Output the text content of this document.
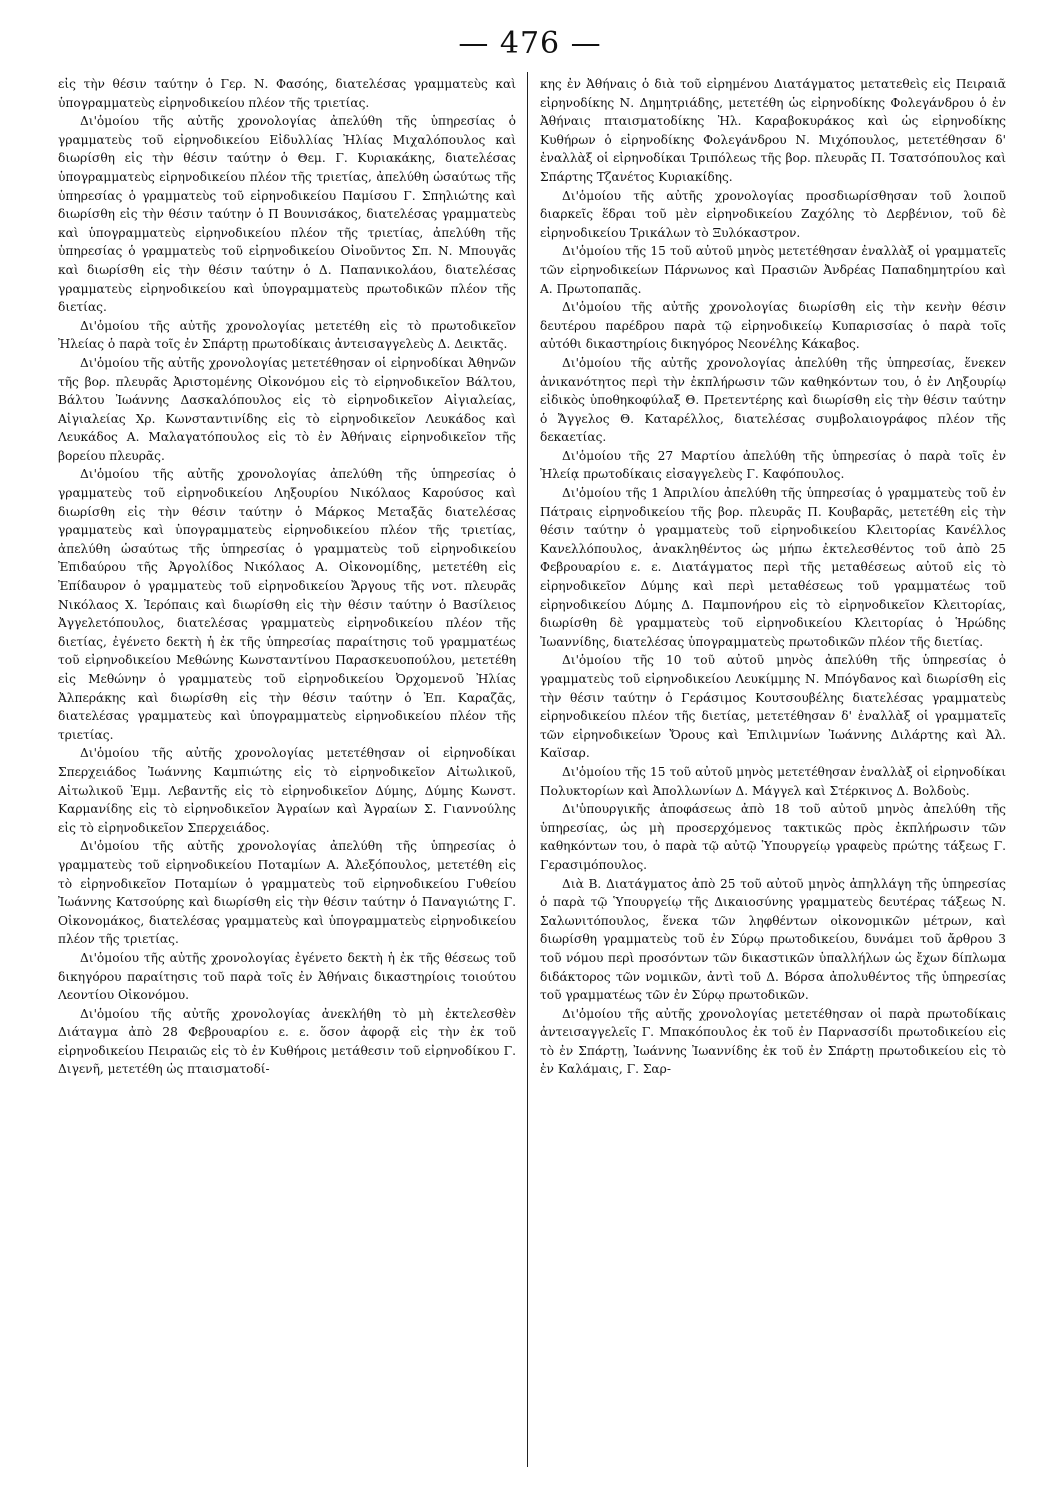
— 476 —

εἰς τὴν θέσιν ταύτην ὁ Γερ. Ν. Φασόης, διατελέσας γραμματεὺς καὶ ὑπογραμματεὺς εἰρηνοδικείου πλέον τῆς τριετίας.

Δι'ὁμοίου τῆς αὐτῆς χρονολογίας ἀπελύθη τῆς ὑπηρεσίας ὁ γραμματεὺς τοῦ εἰρηνοδικείου Εἰδυλλίας Ἠλίας Μιχαλόπουλος καὶ διωρίσθη εἰς τὴν θέσιν ταύτην ὁ Θεμ. Γ. Κυριακάκης, διατελέσας ὑπογραμματεὺς εἰρηνοδικείου πλέον τῆς τριετίας, ἀπελύθη ὡσαύτως τῆς ὑπηρεσίας ὁ γραμματεὺς τοῦ εἰρηνοδικείου Παμίσου Γ. Σπηλιώτης καὶ διωρίσθη εἰς τὴν θέσιν ταύτην ὁ Π Βουνισάκος, διατελέσας γραμματεὺς καὶ ὑπογραμματεὺς εἰρηνοδικείου πλέον τῆς τριετίας, ἀπελύθη τῆς ὑπηρεσίας ὁ γραμματεὺς τοῦ εἰρηνοδικείου Οἰνοῦντος Σπ. Ν. Μπουγᾶς καὶ διωρίσθη εἰς τὴν θέσιν ταύτην ὁ Δ. Παπανικολάου, διατελέσας γραμματεὺς εἰρηνοδικείου καὶ ὑπογραμματεὺς πρωτοδικῶν πλέον τῆς διετίας.

Δι'ὁμοίου τῆς αὐτῆς χρονολογίας μετετέθη εἰς τὸ πρωτοδικεῖον Ἠλείας ὁ παρὰ τοῖς ἐν Σπάρτῃ πρωτοδίκαις ἀντεισαγγελεὺς Δ. Δεικτᾶς.

Δι'ὁμοίου τῆς αὐτῆς χρονολογίας μετετέθησαν οἱ εἰρηνοδίκαι Ἀθηνῶν τῆς βορ. πλευρᾶς Ἀριστομένης Οἰκονόμου εἰς τὸ εἰρηνοδικεῖον Βάλτου, Βάλτου Ἰωάννης Δασκαλόπουλος εἰς τὸ εἰρηνοδικεῖον Αἰγιαλείας, Αἰγιαλείας Χρ. Κωνσταντινίδης εἰς τὸ εἰρηνοδικεῖον Λευκάδος καὶ Λευκάδος Α. Μαλαγατόπουλος εἰς τὸ ἐν Ἀθήναις εἰρηνοδικεῖον τῆς βορείου πλευρᾶς.

Δι'ὁμοίου τῆς αὐτῆς χρονολογίας ἀπελύθη τῆς ὑπηρεσίας ὁ γραμματεὺς τοῦ εἰρηνοδικείου Ληξουρίου Νικόλαος Καρούσος καὶ διωρίσθη εἰς τὴν θέσιν ταύτην ὁ Μάρκος Μεταξᾶς διατελέσας γραμματεὺς καὶ ὑπογραμματεὺς εἰρηνοδικείου πλέον τῆς τριετίας, ἀπελύθη ὡσαύτως τῆς ὑπηρεσίας ὁ γραμματεὺς τοῦ εἰρηνοδικείου Ἐπιδαύρου τῆς Ἀργολίδος Νικόλαος Α. Οἰκονομίδης, μετετέθη εἰς Ἐπίδαυρον ὁ γραμματεὺς τοῦ εἰρηνοδικείου Ἄργους τῆς νοτ. πλευρᾶς Νικόλαος Χ. Ἰερόπαις καὶ διωρίσθη εἰς τὴν θέσιν ταύτην ὁ Βασίλειος Ἀγγελετόπουλος, διατελέσας γραμματεὺς εἰρηνοδικείου πλέον τῆς διετίας, ἐγένετο δεκτὴ ἡ ἐκ τῆς ὑπηρεσίας παραίτησις τοῦ γραμματέως τοῦ εἰρηνοδικείου Μεθώνης Κωνσταντίνου Παρασκευοπούλου, μετετέθη εἰς Μεθώνην ὁ γραμματεὺς τοῦ εἰρηνοδικείου Ὀρχομενοῦ Ἠλίας Ἀλπεράκης καὶ διωρίσθη εἰς τὴν θέσιν ταύτην ὁ Ἐπ. Καραζᾶς, διατελέσας γραμματεὺς καὶ ὑπογραμματεὺς εἰρηνοδικείου πλέον τῆς τριετίας.

Δι'ὁμοίου τῆς αὐτῆς χρονολογίας μετετέθησαν οἱ εἰρηνοδίκαι Σπερχειάδος Ἰωάννης Καμπιώτης εἰς τὸ εἰρηνοδικεῖον Αἰτωλικοῦ, Αἰτωλικοῦ Ἐμμ. Λεβαντῆς εἰς τὸ εἰρηνοδικεῖον Δύμης, Δύμης Κωνστ. Καρμανίδης εἰς τὸ εἰρηνοδικεῖον Ἀγραίων καὶ Ἀγραίων Σ. Γιαννούλης εἰς τὸ εἰρηνοδικεῖον Σπερχειάδος.

Δι'ὁμοίου τῆς αὐτῆς χρονολογίας ἀπελύθη τῆς ὑπηρεσίας ὁ γραμματεὺς τοῦ εἰρηνοδικείου Ποταμίων Α. Ἀλεξόπουλος, μετετέθη εἰς τὸ εἰρηνοδικεῖον Ποταμίων ὁ γραμματεὺς τοῦ εἰρηνοδικείου Γυθείου Ἰωάννης Κατσούρης καὶ διωρίσθη εἰς τὴν θέσιν ταύτην ὁ Παναγιώτης Γ. Οἰκονομάκος, διατελέσας γραμματεὺς καὶ ὑπογραμματεὺς εἰρηνοδικείου πλέον τῆς τριετίας.

Δι'ὁμοίου τῆς αὐτῆς χρονολογίας ἐγένετο δεκτὴ ἡ ἐκ τῆς θέσεως τοῦ δικηγόρου παραίτησις τοῦ παρὰ τοῖς ἐν Ἀθήναις δικαστηρίοις τοιούτου Λεοντίου Οἰκονόμου.

Δι'ὁμοίου τῆς αὐτῆς χρονολογίας ἀνεκλήθη τὸ μὴ ἐκτελεσθὲν Διάταγμα ἀπὸ 28 Φεβρουαρίου ε. ε. ὅσον ἀφορᾷ εἰς τὴν ἐκ τοῦ εἰρηνοδικείου Πειραιῶς εἰς τὸ ἐν Κυθήροις μετάθεσιν τοῦ εἰρηνοδίκου Γ. Διγενῆ, μετετέθη ὡς πταισματοδί-

κης ἐν Ἀθήναις ὁ διὰ τοῦ εἰρημένου Διατάγματος μετατεθεὶς εἰς Πειραιᾶ εἰρηνοδίκης Ν. Δημητριάδης, μετετέθη ὡς εἰρηνοδίκης Φολεγάνδρου ὁ ἐν Ἀθήναις πταισματοδίκης Ἠλ. Καραβοκυράκος καὶ ὡς εἰρηνοδίκης Κυθήρων ὁ εἰρηνοδίκης Φολεγάνδρου Ν. Μιχόπουλος, μετετέθησαν δ' ἐναλλὰξ οἱ εἰρηνοδίκαι Τριπόλεως τῆς βορ. πλευρᾶς Π. Τσατσόπουλος καὶ Σπάρτης Τζανέτος Κυριακίδης.

Δι'ὁμοίου τῆς αὐτῆς χρονολογίας προσδιωρίσθησαν τοῦ λοιποῦ διαρκεῖς ἕδραι τοῦ μὲν εἰρηνοδικείου Ζαχόλης τὸ Δερβένιον, τοῦ δὲ εἰρηνοδικείου Τρικάλων τὸ Ξυλόκαστρον.

Δι'ὁμοίου τῆς 15 τοῦ αὐτοῦ μηνὸς μετετέθησαν ἐναλλὰξ οἱ γραμματεῖς τῶν εἰρηνοδικείων Πάρνωνος καὶ Πρασιῶν Ἀνδρέας Παπαδημητρίου καὶ Α. Πρωτοπαπᾶς.

Δι'ὁμοίου τῆς αὐτῆς χρονολογίας διωρίσθη εἰς τὴν κενὴν θέσιν δευτέρου παρέδρου παρὰ τῷ εἰρηνοδικείῳ Κυπαρισσίας ὁ παρὰ τοῖς αὐτόθι δικαστηρίοις δικηγόρος Νεονέλης Κάκαβος.

Δι'ὁμοίου τῆς αὐτῆς χρονολογίας ἀπελύθη τῆς ὑπηρεσίας, ἕνεκεν ἀνικανότητος περὶ τὴν ἐκπλήρωσιν τῶν καθηκόντων του, ὁ ἐν Ληξουρίῳ εἰδικὸς ὑποθηκοφύλαξ Θ. Πρετεντέρης καὶ διωρίσθη εἰς τὴν θέσιν ταύτην ὁ Ἄγγελος Θ. Καταρέλλος, διατελέσας συμβολαιογράφος πλέον τῆς δεκαετίας.

Δι'ὁμοίου τῆς 27 Μαρτίου ἀπελύθη τῆς ὑπηρεσίας ὁ παρὰ τοῖς ἐν Ἠλείᾳ πρωτοδίκαις εἰσαγγελεὺς Γ. Καφόπουλος.

Δι'ὁμοίου τῆς 1 Ἀπριλίου ἀπελύθη τῆς ὑπηρεσίας ὁ γραμματεὺς τοῦ ἐν Πάτραις εἰρηνοδικείου τῆς βορ. πλευρᾶς Π. Κουβαρᾶς, μετετέθη εἰς τὴν θέσιν ταύτην ὁ γραμματεὺς τοῦ εἰρηνοδικείου Κλειτορίας Κανέλλος Κανελλόπουλος, ἀνακληθέντος ὡς μήπω ἐκτελεσθέντος τοῦ ἀπὸ 25 Φεβρουαρίου ε. ε. Διατάγματος περὶ τῆς μεταθέσεως αὐτοῦ εἰς τὸ εἰρηνοδικεῖον Δύμης καὶ περὶ μεταθέσεως τοῦ γραμματέως τοῦ εἰρηνοδικείου Δύμης Δ. Παμπονήρου εἰς τὸ εἰρηνοδικεῖον Κλειτορίας, διωρίσθη δὲ γραμματεὺς τοῦ εἰρηνοδικείου Κλειτορίας ὁ Ἡρώδης Ἰωαννίδης, διατελέσας ὑπογραμματεὺς πρωτοδικῶν πλέον τῆς διετίας.

Δι'ὁμοίου τῆς 10 τοῦ αὐτοῦ μηνὸς ἀπελύθη τῆς ὑπηρεσίας ὁ γραμματεὺς τοῦ εἰρηνοδικείου Λευκίμμης Ν. Μπόγδανος καὶ διωρίσθη εἰς τὴν θέσιν ταύτην ὁ Γεράσιμος Κουτσουβέλης διατελέσας γραμματεὺς εἰρηνοδικείου πλέον τῆς διετίας, μετετέθησαν δ' ἐναλλὰξ οἱ γραμματεῖς τῶν εἰρηνοδικείων Ὄρους καὶ Ἐπιλιμνίων Ἰωάννης Διλάρτης καὶ Ἀλ. Καϊσαρ.

Δι'ὁμοίου τῆς 15 τοῦ αὐτοῦ μηνὸς μετετέθησαν ἐναλλὰξ οἱ εἰρηνοδίκαι Πολυκτορίων καὶ Ἀπολλωνίων Δ. Μάγγελ καὶ Στέρκινος Δ. Βολδοὺς.

Δι'ὑπουργικῆς ἀποφάσεως ἀπὸ 18 τοῦ αὐτοῦ μηνὸς ἀπελύθη τῆς ὑπηρεσίας, ὡς μὴ προσερχόμενος τακτικῶς πρὸς ἐκπλήρωσιν τῶν καθηκόντων του, ὁ παρὰ τῷ αὐτῷ Ὑπουργείῳ γραφεὺς πρώτης τάξεως Γ. Γερασιμόπουλος.

Διὰ Β. Διατάγματος ἀπὸ 25 τοῦ αὐτοῦ μηνὸς ἀπηλλάγη τῆς ὑπηρεσίας ὁ παρὰ τῷ Ὑπουργείῳ τῆς Δικαιοσύνης γραμματεὺς δευτέρας τάξεως Ν. Σαλωνιτόπουλος, ἕνεκα τῶν ληφθέντων οἰκονομικῶν μέτρων, καὶ διωρίσθη γραμματεὺς τοῦ ἐν Σύρῳ πρωτοδικείου, δυνάμει τοῦ ἄρθρου 3 τοῦ νόμου περὶ προσόντων τῶν δικαστικῶν ὑπαλλήλων ὡς ἔχων δίπλωμα διδάκτορος τῶν νομικῶν, ἀντὶ τοῦ Δ. Βόρσα ἀπολυθέντος τῆς ὑπηρεσίας τοῦ γραμματέως τῶν ἐν Σύρῳ πρωτοδικῶν.

Δι'ὁμοίου τῆς αὐτῆς χρονολογίας μετετέθησαν οἱ παρὰ πρωτοδίκαις ἀντεισαγγελεῖς Γ. Μπακόπουλος ἐκ τοῦ ἐν Παρνασσίδι πρωτοδικείου εἰς τὸ ἐν Σπάρτῃ, Ἰωάννης Ἰωαννίδης ἐκ τοῦ ἐν Σπάρτῃ πρωτοδικείου εἰς τὸ ἐν Καλάμαις, Γ. Σαρ-
